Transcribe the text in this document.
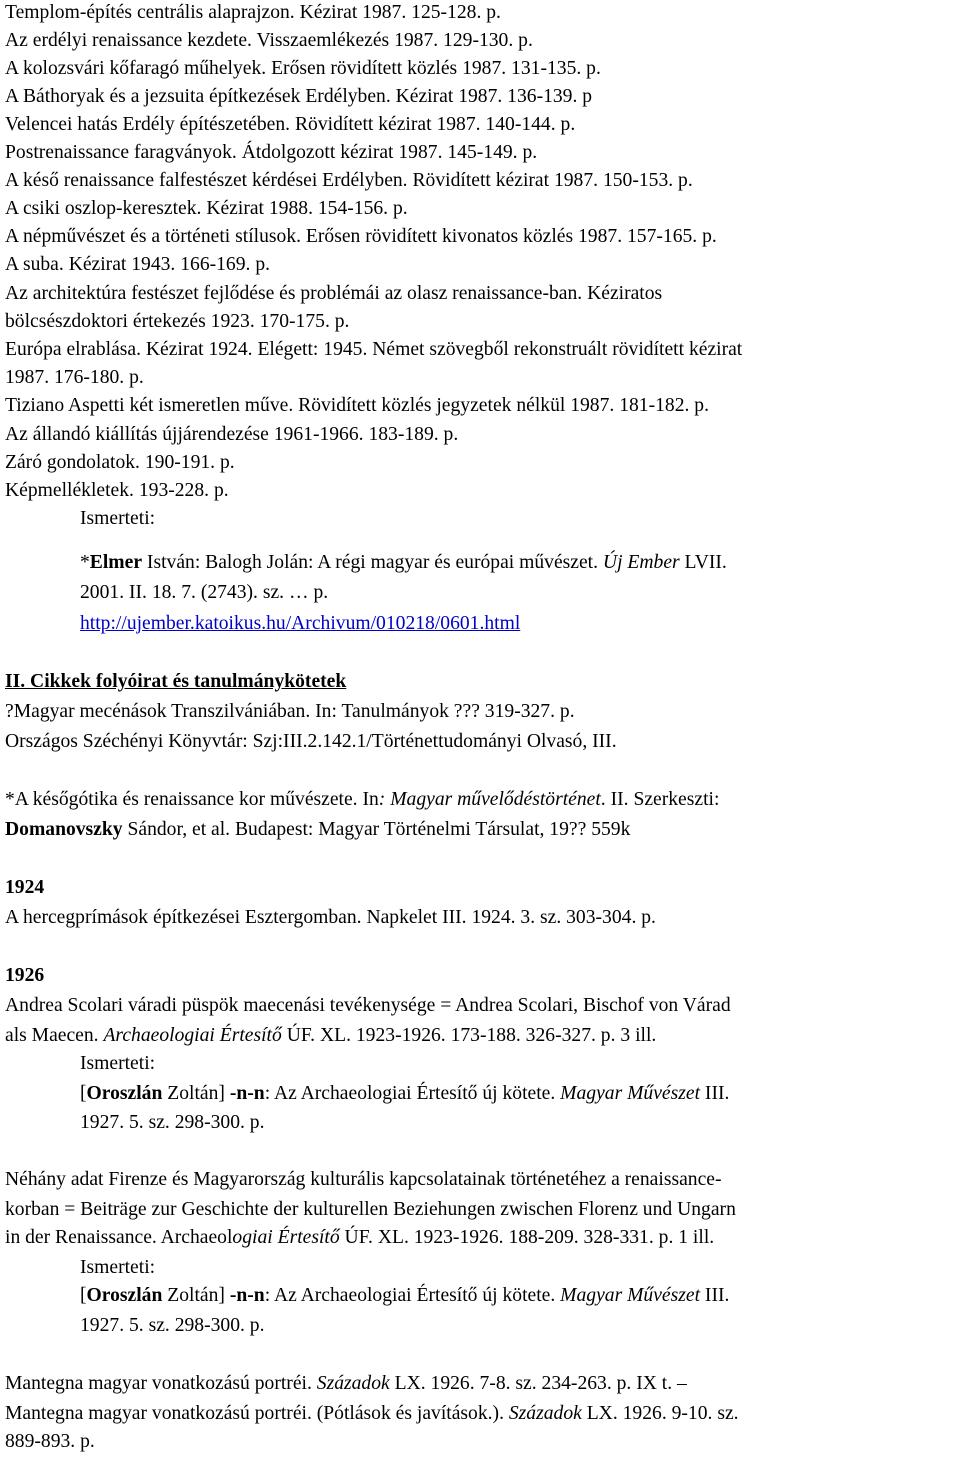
Templom-építés centrális alaprajzon. Kézirat 1987. 125-128. p.
Az erdélyi renaissance kezdete. Visszaemlékezés 1987. 129-130. p.
A kolozsvári kőfaragó műhelyek. Erősen rövidített közlés 1987. 131-135. p.
A Báthoryak és a jezsuita építkezések Erdélyben. Kézirat 1987. 136-139. p
Velencei hatás Erdély építészetében. Rövidített kézirat 1987. 140-144. p.
Postrenaissance faragványok. Átdolgozott kézirat 1987. 145-149. p.
A késő renaissance falfestészet kérdései Erdélyben. Rövidített kézirat 1987. 150-153. p.
A csiki oszlop-keresztek. Kézirat 1988. 154-156. p.
A népművészet és a történeti stílusok. Erősen rövidített kivonatos közlés 1987. 157-165. p.
A suba. Kézirat 1943. 166-169. p.
Az architektúra festészet fejlődése és problémái az olasz renaissance-ban. Kéziratos
bölcsészdoktori értekezés 1923. 170-175. p.
Európa elrablása. Kézirat 1924. Elégett: 1945. Német szövegből rekonstruált rövidített kézirat
1987. 176-180. p.
Tiziano Aspetti két ismeretlen műve. Rövidített közlés jegyzetek nélkül 1987. 181-182. p.
Az állandó kiállítás újjárendezése 1961-1966. 183-189. p.
Záró gondolatok. 190-191. p.
Képmellékletek. 193-228. p.
Ismerteti:
*Elmer István: Balogh Jolán: A régi magyar és európai művészet. Új Ember LVII.
2001. II. 18. 7. (2743). sz. … p.
http://ujember.katoikus.hu/Archivum/010218/0601.html
II. Cikkek folyóirat és tanulmánykötetek
?Magyar mecénások Transzilvániában. In: Tanulmányok ??? 319-327. p.
Országos Széchényi Könyvtár: Szj:III.2.142.1/Történettudományi Olvasó, III.
*A későgótika és renaissance kor művészete. In: Magyar művelődéstörténet. II. Szerkeszti:
Domanovszky Sándor, et al. Budapest: Magyar Történelmi Társulat, 19?? 559k
1924
A hercegprímások építkezései Esztergomban. Napkelet III. 1924. 3. sz. 303-304. p.
1926
Andrea Scolari váradi püspök maecenási tevékenysége = Andrea Scolari, Bischof von Várad
als Maecen. Archaeologiai Értesítő ÚF. XL. 1923-1926. 173-188. 326-327. p. 3 ill.
Ismerteti:
[Oroszlán Zoltán] -n-n: Az Archaeologiai Értesítő új kötete. Magyar Művészet III.
1927. 5. sz. 298-300. p.
Néhány adat Firenze és Magyarország kulturális kapcsolatainak történetéhez a renaissance-
korban = Beiträge zur Geschichte der kulturellen Beziehungen zwischen Florenz und Ungarn
in der Renaissance. Archaeologiai Értesítő ÚF. XL. 1923-1926. 188-209. 328-331. p. 1 ill.
Ismerteti:
[Oroszlán Zoltán] -n-n: Az Archaeologiai Értesítő új kötete. Magyar Művészet III.
1927. 5. sz. 298-300. p.
Mantegna magyar vonatkozású portréi. Századok LX. 1926. 7-8. sz. 234-263. p. IX t. –
Mantegna magyar vonatkozású portréi. (Pótlások és javítások.). Századok LX. 1926. 9-10. sz.
889-893. p.
